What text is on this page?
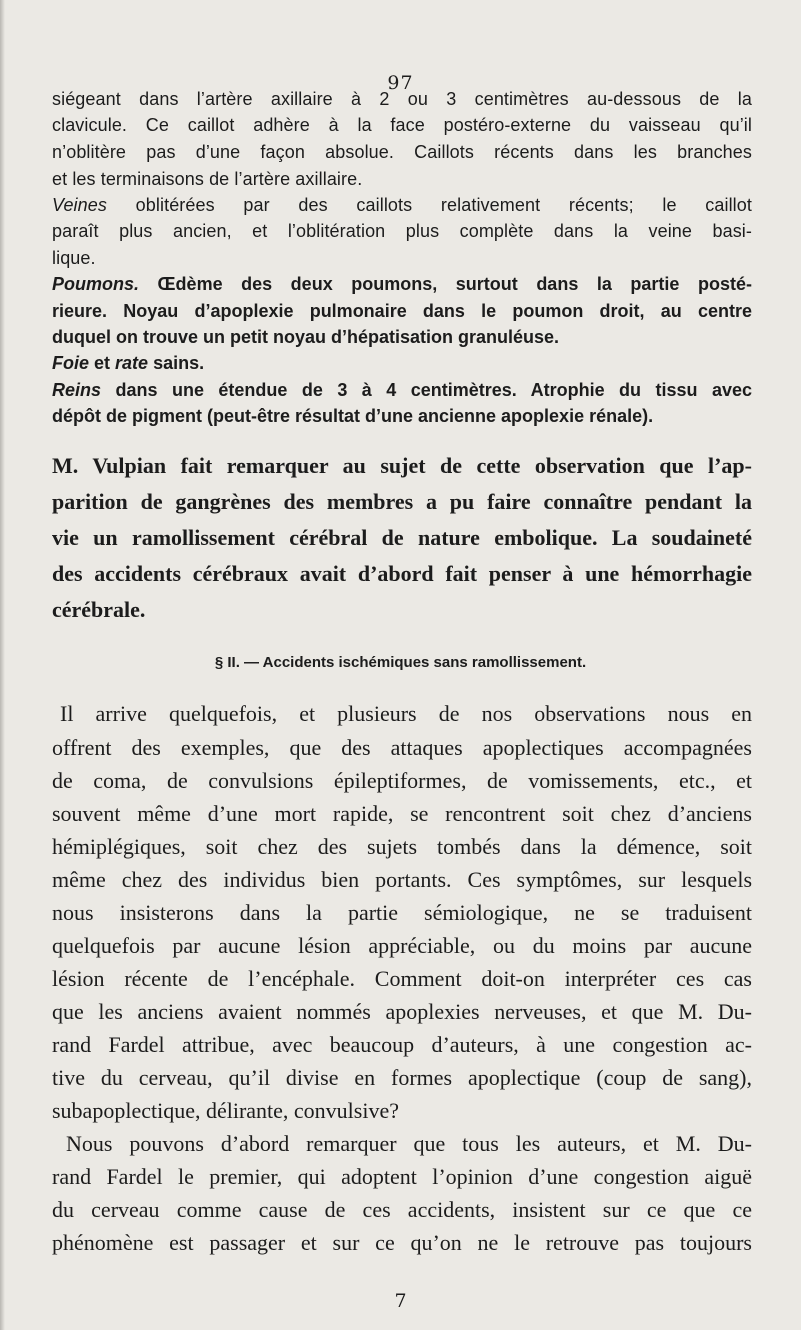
97
siégeant dans l’artère axillaire à 2 ou 3 centimètres au-dessous de la
clavicule. Ce caillot adhère à la face postéro-externe du vaisseau qu’il
n’oblitère pas d’une façon absolue. Caillots récents dans les branches
et les terminaisons de l’artère axillaire.
Veines oblitérées par des caillots relativement récents; le caillot
paraît plus ancien, et l’oblitération plus complète dans la veine basi-
lique.
Poumons. Œdème des deux poumons, surtout dans la partie posté-
rieure. Noyau d’apoplexie pulmonaire dans le poumon droit, au centre
duquel on trouve un petit noyau d’hépatisation granuléuse.
Foie et rate sains.
Reins dans une étendue de 3 à 4 centimètres. Atrophie du tissu avec
dépôt de pigment (peut-être résultat d’une ancienne apoplexie rénale).
M. Vulpian fait remarquer au sujet de cette observation que l’ap-
parition de gangrènes des membres a pu faire connaître pendant la
vie un ramollissement cérébral de nature embolique. La soudaineté
des accidents cérébraux avait d’abord fait penser à une hémorrhagie
cérébrale.
§ II. — Accidents ischémiques sans ramollissement.
Il arrive quelquefois, et plusieurs de nos observations nous en
offrent des exemples, que des attaques apoplectiques accompagnées
de coma, de convulsions épileptiformes, de vomissements, etc., et
souvent même d’une mort rapide, se rencontrent soit chez d’anciens
hémiplégiques, soit chez des sujets tombés dans la démence, soit
même chez des individus bien portants. Ces symptômes, sur lesquels
nous insisterons dans la partie sémiologique, ne se traduisent
quelquefois par aucune lésion appréciable, ou du moins par aucune
lésion récente de l’encéphale. Comment doit-on interpréter ces cas
que les anciens avaient nommés apoplexies nerveuses, et que M. Du-
rand Fardel attribue, avec beaucoup d’auteurs, à une congestion ac-
tive du cerveau, qu’il divise en formes apoplectique (coup de sang),
subapoplectique, délirante, convulsive?
Nous pouvons d’abord remarquer que tous les auteurs, et M. Du-
rand Fardel le premier, qui adoptent l’opinion d’une congestion aiguë
du cerveau comme cause de ces accidents, insistent sur ce que ce
phénomène est passager et sur ce qu’on ne le retrouve pas toujours
7
